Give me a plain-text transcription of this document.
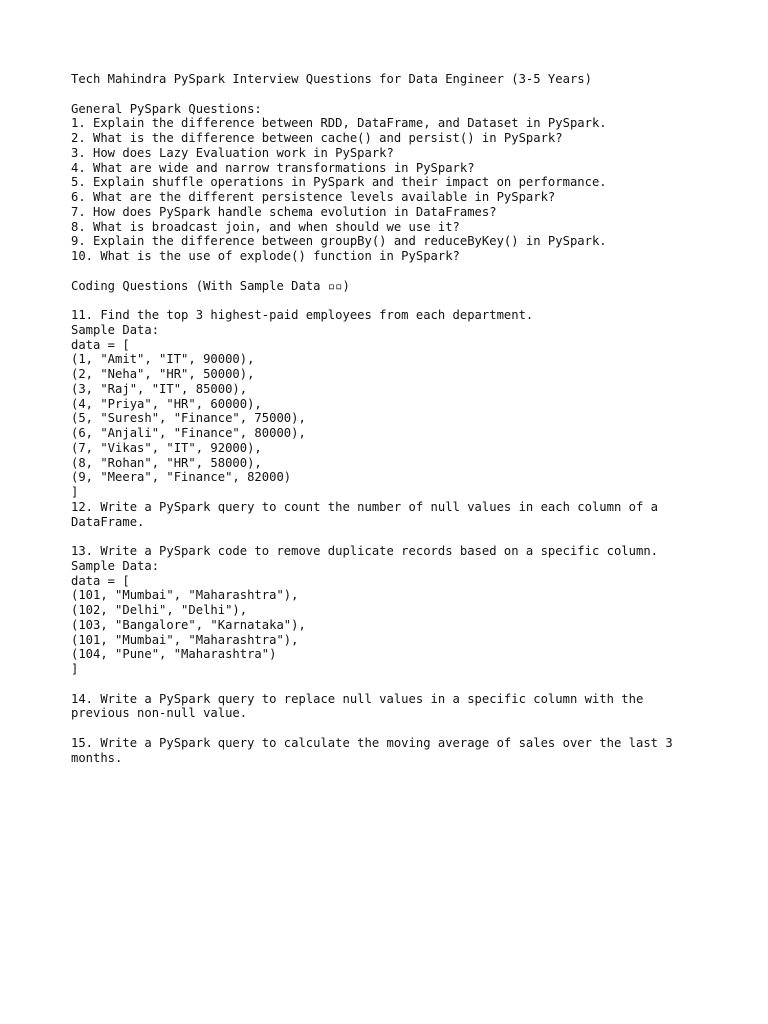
Tech Mahindra PySpark Interview Questions for Data Engineer (3-5 Years)
General PySpark Questions:
1. Explain the difference between RDD, DataFrame, and Dataset in PySpark.
2. What is the difference between cache() and persist() in PySpark?
3. How does Lazy Evaluation work in PySpark?
4. What are wide and narrow transformations in PySpark?
5. Explain shuffle operations in PySpark and their impact on performance.
6. What are the different persistence levels available in PySpark?
7. How does PySpark handle schema evolution in DataFrames?
8. What is broadcast join, and when should we use it?
9. Explain the difference between groupBy() and reduceByKey() in PySpark.
10. What is the use of explode() function in PySpark?
Coding Questions (With Sample Data ▫▫)
11. Find the top 3 highest-paid employees from each department.
Sample Data:
data = [
(1, "Amit", "IT", 90000),
(2, "Neha", "HR", 50000),
(3, "Raj", "IT", 85000),
(4, "Priya", "HR", 60000),
(5, "Suresh", "Finance", 75000),
(6, "Anjali", "Finance", 80000),
(7, "Vikas", "IT", 92000),
(8, "Rohan", "HR", 58000),
(9, "Meera", "Finance", 82000)
]
12. Write a PySpark query to count the number of null values in each column of a
DataFrame.
13. Write a PySpark code to remove duplicate records based on a specific column.
Sample Data:
data = [
(101, "Mumbai", "Maharashtra"),
(102, "Delhi", "Delhi"),
(103, "Bangalore", "Karnataka"),
(101, "Mumbai", "Maharashtra"),
(104, "Pune", "Maharashtra")
]
14. Write a PySpark query to replace null values in a specific column with the
previous non-null value.
15. Write a PySpark query to calculate the moving average of sales over the last 3
months.
